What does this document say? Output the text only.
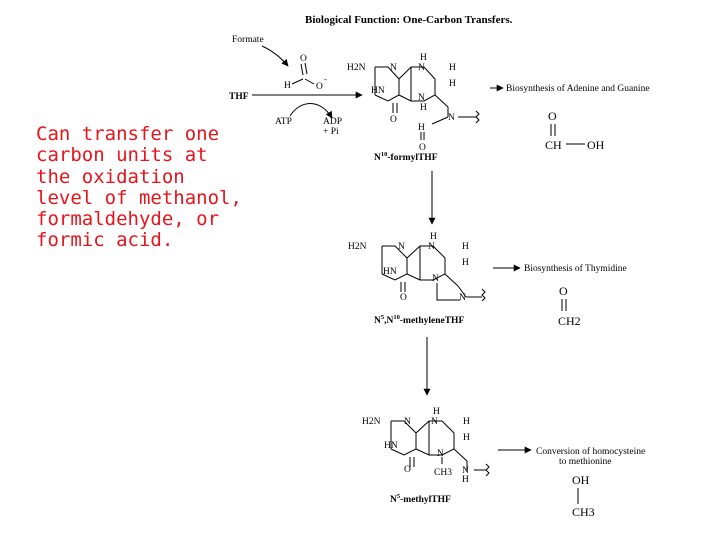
Can transfer one carbon units at the oxidation level of methanol, formaldehyde, or formic acid.
Biological Function: One-Carbon Transfers.
Formate
O
H	O
-
THF
ATP	ADP
+ Pi
H2N	N
H
N	H
H
HN
N
H
O	N
H
O
$N^{10}$-formylTHF
Biosynthesis of Adenine and Guanine
O
CH OH
H2N	N
H
N	H
H
HN
N
O	N
$N^5,N^{10}$-methyleneTHF
Biosynthesis of Thymidine
O
CH2
H2N N
H
N	H
H
HN
N
CH3
O	N
H
$N^5$-methylTHF
Conversion of homocysteine
to methionine
OH
CH3
